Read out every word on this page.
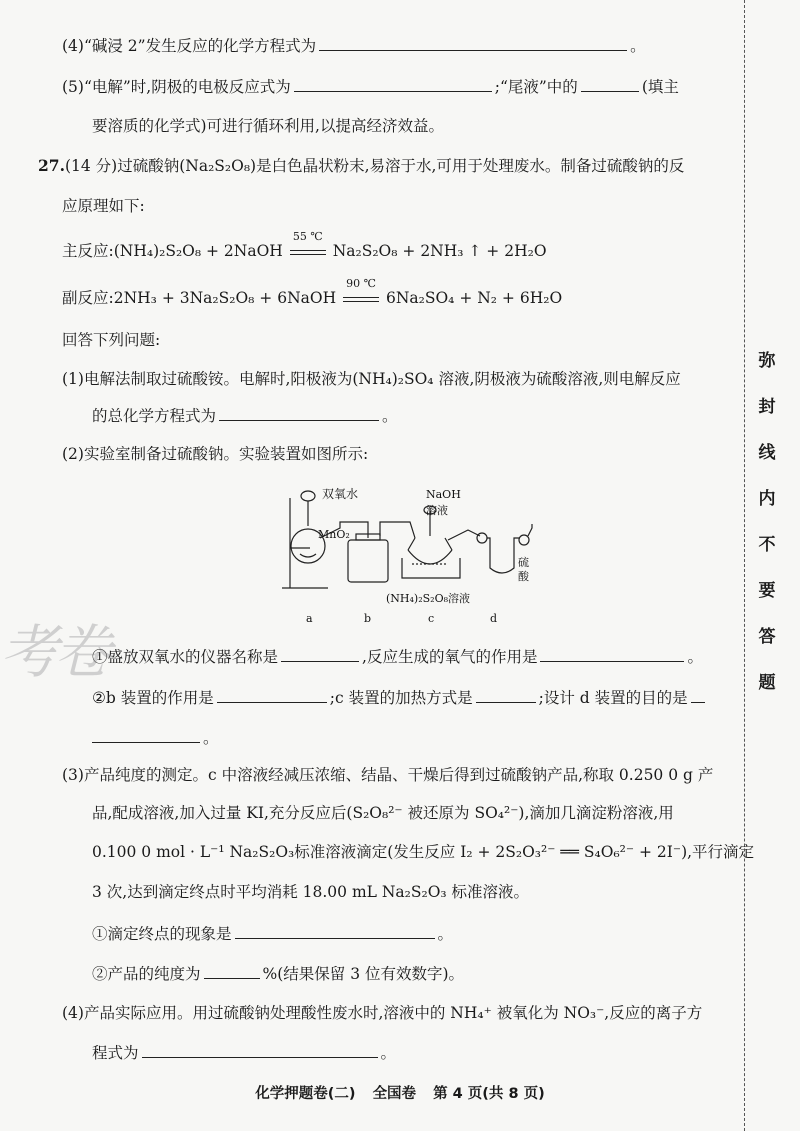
(4)“碱浸 2”发生反应的化学方程式为	。
(5)“电解”时,阴极的电极反应式为	;“尾液”中的	(填主
要溶质的化学式)可进行循环利用,以提高经济效益。
27.(14 分)过硫酸钠(Na₂S₂O₈)是白色晶状粉末,易溶于水,可用于处理废水。制备过硫酸钠的反
应原理如下:
主反应:(NH₄)₂S₂O₈ + 2NaOH
55 ℃
Na₂S₂O₈ + 2NH₃ ↑ + 2H₂O
副反应:2NH₃ + 3Na₂S₂O₈ + 6NaOH
90 ℃
6Na₂SO₄ + N₂ + 6H₂O
回答下列问题:
(1)电解法制取过硫酸铵。电解时,阳极液为(NH₄)₂SO₄ 溶液,阴极液为硫酸溶液,则电解反应
的总化学方程式为	。
(2)实验室制备过硫酸钠。实验装置如图所示:
双氧水
MnO₂
NaOH
溶液
(NH₄)₂S₂O₈溶液
硫
酸
a	b	c	d
考卷
①盛放双氧水的仪器名称是	,反应生成的氧气的作用是	。
②b 装置的作用是	;c 装置的加热方式是	;设计 d 装置的目的是
。
(3)产品纯度的测定。c 中溶液经减压浓缩、结晶、干燥后得到过硫酸钠产品,称取 0.250 0 g 产
品,配成溶液,加入过量 KI,充分反应后(S₂O₈²⁻ 被还原为 SO₄²⁻),滴加几滴淀粉溶液,用
0.100 0 mol · L⁻¹ Na₂S₂O₃标准溶液滴定(发生反应 I₂ + 2S₂O₃²⁻ ══ S₄O₆²⁻ + 2I⁻),平行滴定
3 次,达到滴定终点时平均消耗 18.00 mL Na₂S₂O₃ 标准溶液。
①滴定终点的现象是	。
②产品的纯度为	%(结果保留 3 位有效数字)。
(4)产品实际应用。用过硫酸钠处理酸性废水时,溶液中的 NH₄⁺ 被氧化为 NO₃⁻,反应的离子方
程式为	。
弥
封
线
内
不
要
答
题
化学押题卷(二) 全国卷 第 4 页(共 8 页)
